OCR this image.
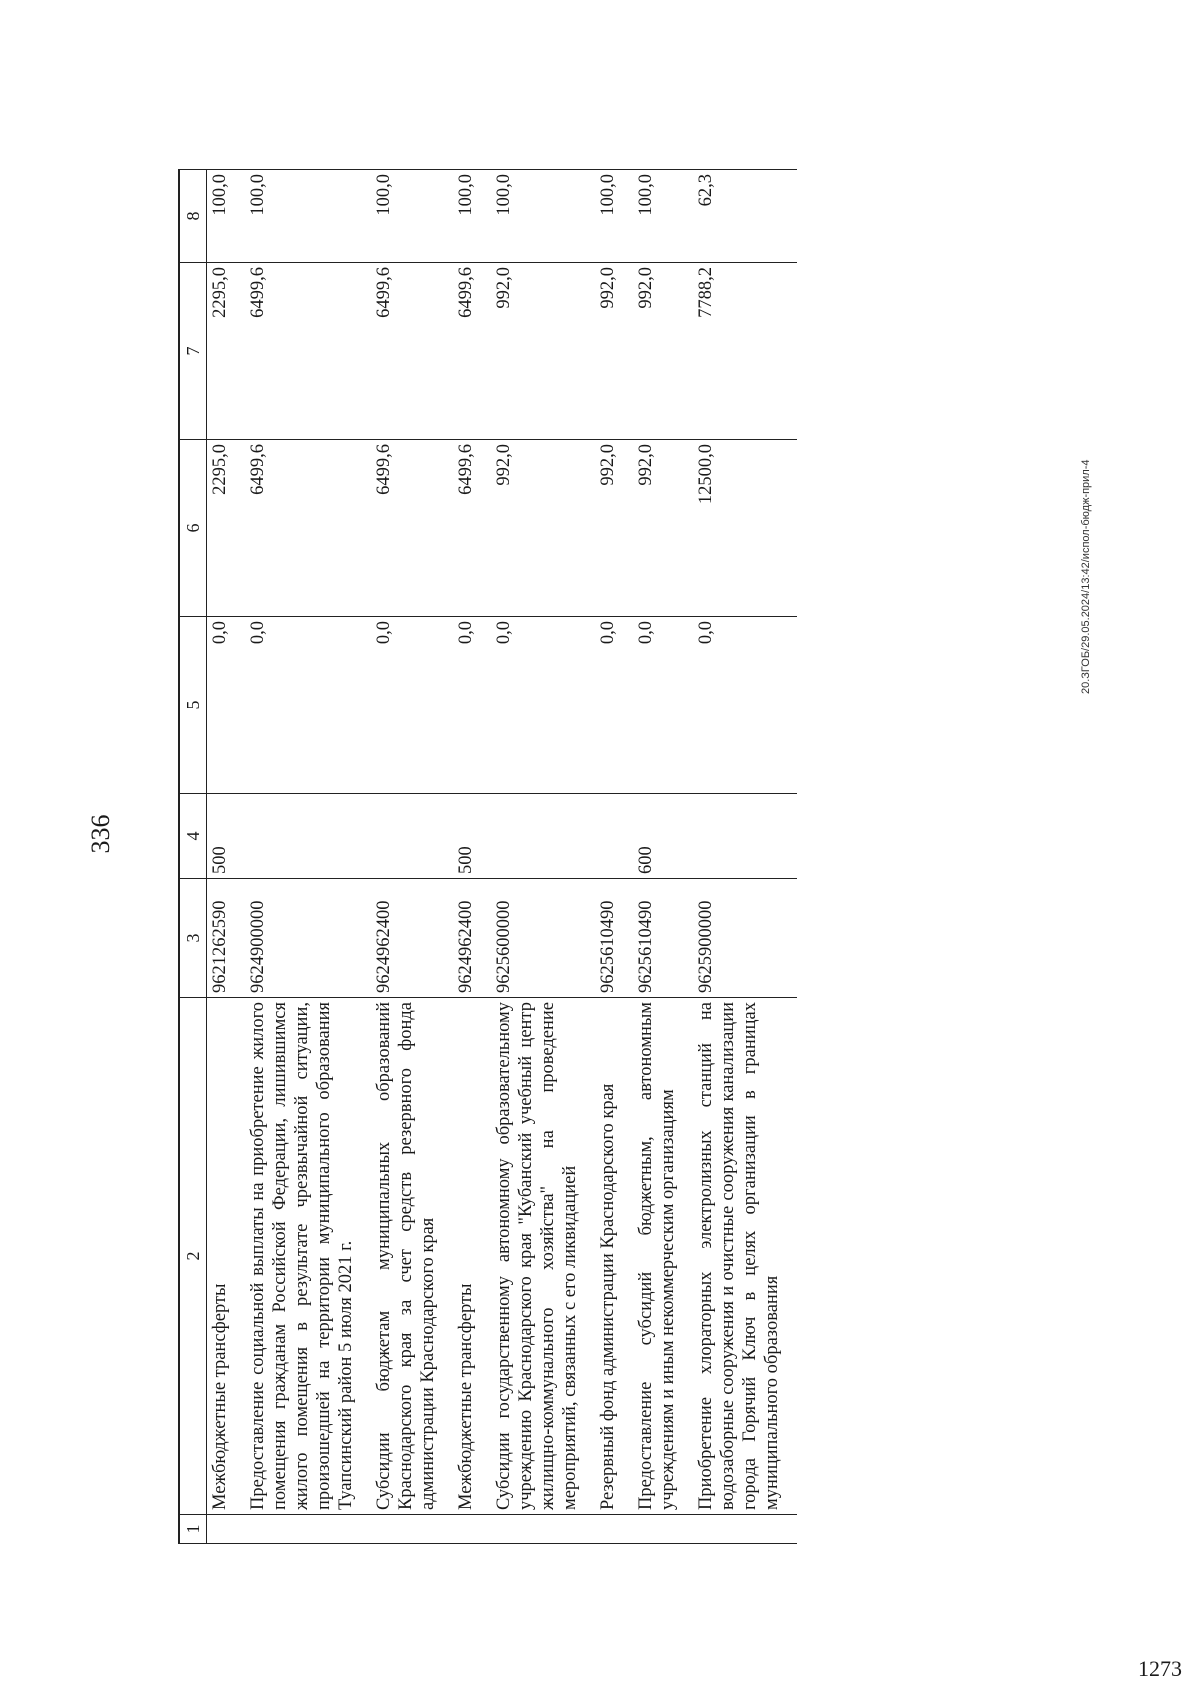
336
1	2	3	4	5	6	7	8
	Межбюджетные трансферты	9621262590	500	0,0	2295,0	2295,0	100,0
	Предоставление социальной выплаты на приобретение жилого помещения гражданам Российской Федерации, лишившимся жилого помещения в результате чрезвычайной ситуации, произошедшей на территории муниципального образования Туапсинский район 5 июля 2021 г.	9624900000		0,0	6499,6	6499,6	100,0
	Субсидии бюджетам муниципальных образований Краснодарского края за счет средств резервного фонда администрации Краснодарского края	9624962400		0,0	6499,6	6499,6	100,0
	Межбюджетные трансферты	9624962400	500	0,0	6499,6	6499,6	100,0
	Субсидии государственному автономному образовательному учреждению Краснодарского края "Кубанский учебный центр жилищно-коммунального хозяйства" на проведение мероприятий, связанных с его ликвидацией	9625600000		0,0	992,0	992,0	100,0
	Резервный фонд администрации Краснодарского края	9625610490		0,0	992,0	992,0	100,0
	Предоставление субсидий бюджетным, автономным учреждениям и иным некоммерческим организациям	9625610490	600	0,0	992,0	992,0	100,0
	Приобретение хлораторных электролизных станций на водозаборные сооружения и очистные сооружения канализации города Горячий Ключ в целях организации в границах муниципального образования	9625900000		0,0	12500,0	7788,2	62,3
20.ЗГОБ/29.05.2024/13:42/испол-бюдж-прил-4
1273
